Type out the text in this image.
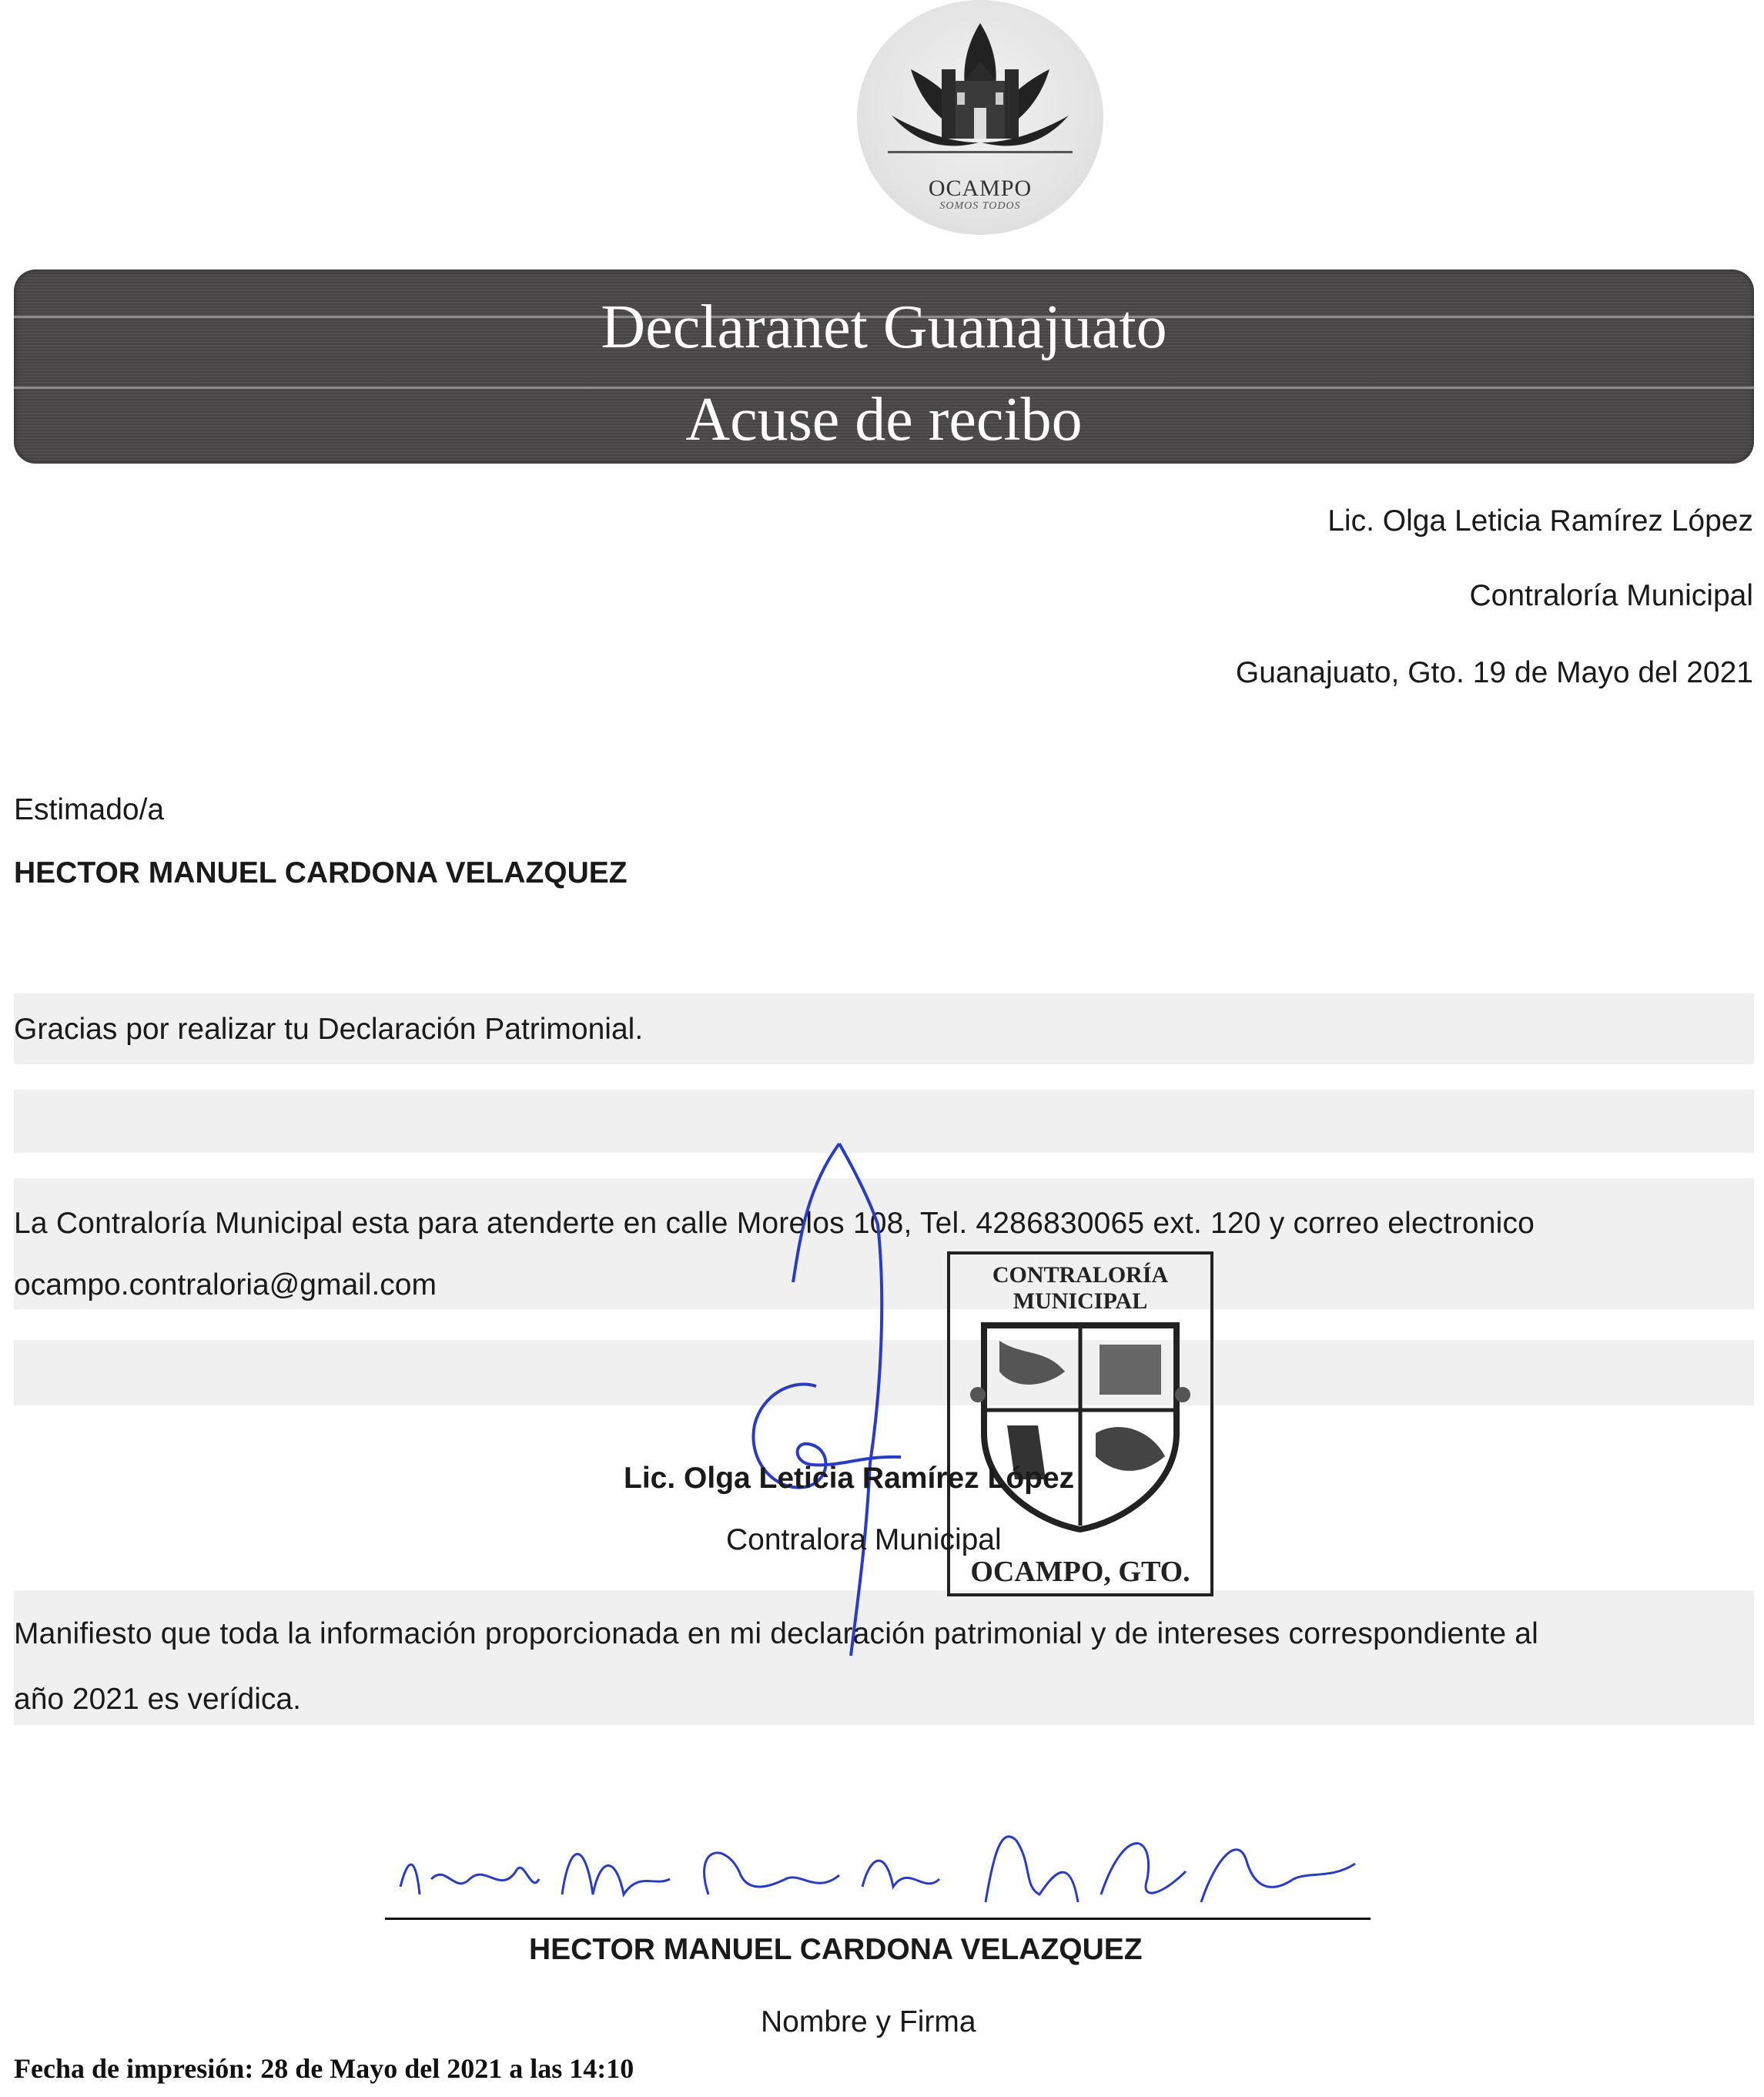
OCAMPO
SOMOS TODOS
Declaranet Guanajuato
Acuse de recibo
Lic. Olga Leticia Ramírez López
Contraloría Municipal
Guanajuato, Gto. 19 de Mayo del 2021
Estimado/a
HECTOR MANUEL CARDONA VELAZQUEZ
Gracias por realizar tu Declaración Patrimonial.
La Contraloría Municipal esta para atenderte en calle Morelos 108, Tel. 4286830065 ext. 120 y correo electronico
ocampo.contraloria@gmail.com	CONTRALORÍA MUNICIPAL
OCAMPO, GTO.
Lic. Olga Leticia Ramírez López
Contralora Municipal
Manifiesto que toda la información proporcionada en mi declaración patrimonial y de intereses correspondiente al
año 2021 es verídica.
HECTOR MANUEL CARDONA VELAZQUEZ
Nombre y Firma
Fecha de impresión: 28 de Mayo del 2021 a las 14:10
